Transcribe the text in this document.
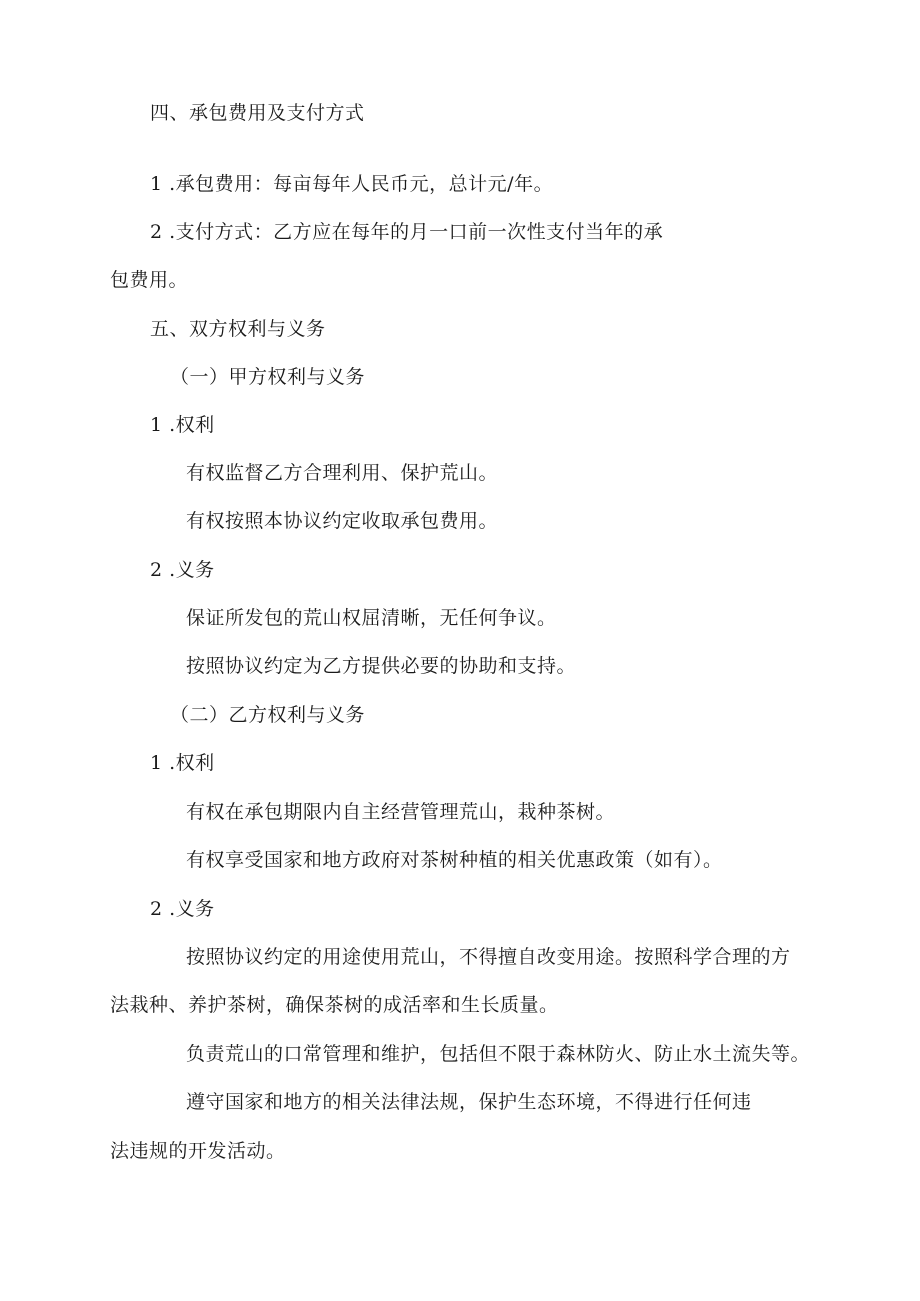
四、承包费用及支付方式
1 .承包费用：每亩每年人民币元，总计元/年。
2 .支付方式：乙方应在每年的月一口前一次性支付当年的承
包费用。
五、双方权利与义务
（一）甲方权利与义务
1 .权利
有权监督乙方合理利用、保护荒山。
有权按照本协议约定收取承包费用。
2 .义务
保证所发包的荒山权屈清晰，无任何争议。
按照协议约定为乙方提供必要的协助和支持。
（二）乙方权利与义务
1 .权利
有权在承包期限内自主经营管理荒山，栽种茶树。
有权享受国家和地方政府对茶树种植的相关优惠政策（如有）。
2 .义务
按照协议约定的用途使用荒山，不得擅自改变用途。按照科学合理的方
法栽种、养护茶树，确保茶树的成活率和生长质量。
负责荒山的口常管理和维护，包括但不限于森林防火、防止水土流失等。
遵守国家和地方的相关法律法规，保护生态环境，不得进行任何违
法违规的开发活动。
